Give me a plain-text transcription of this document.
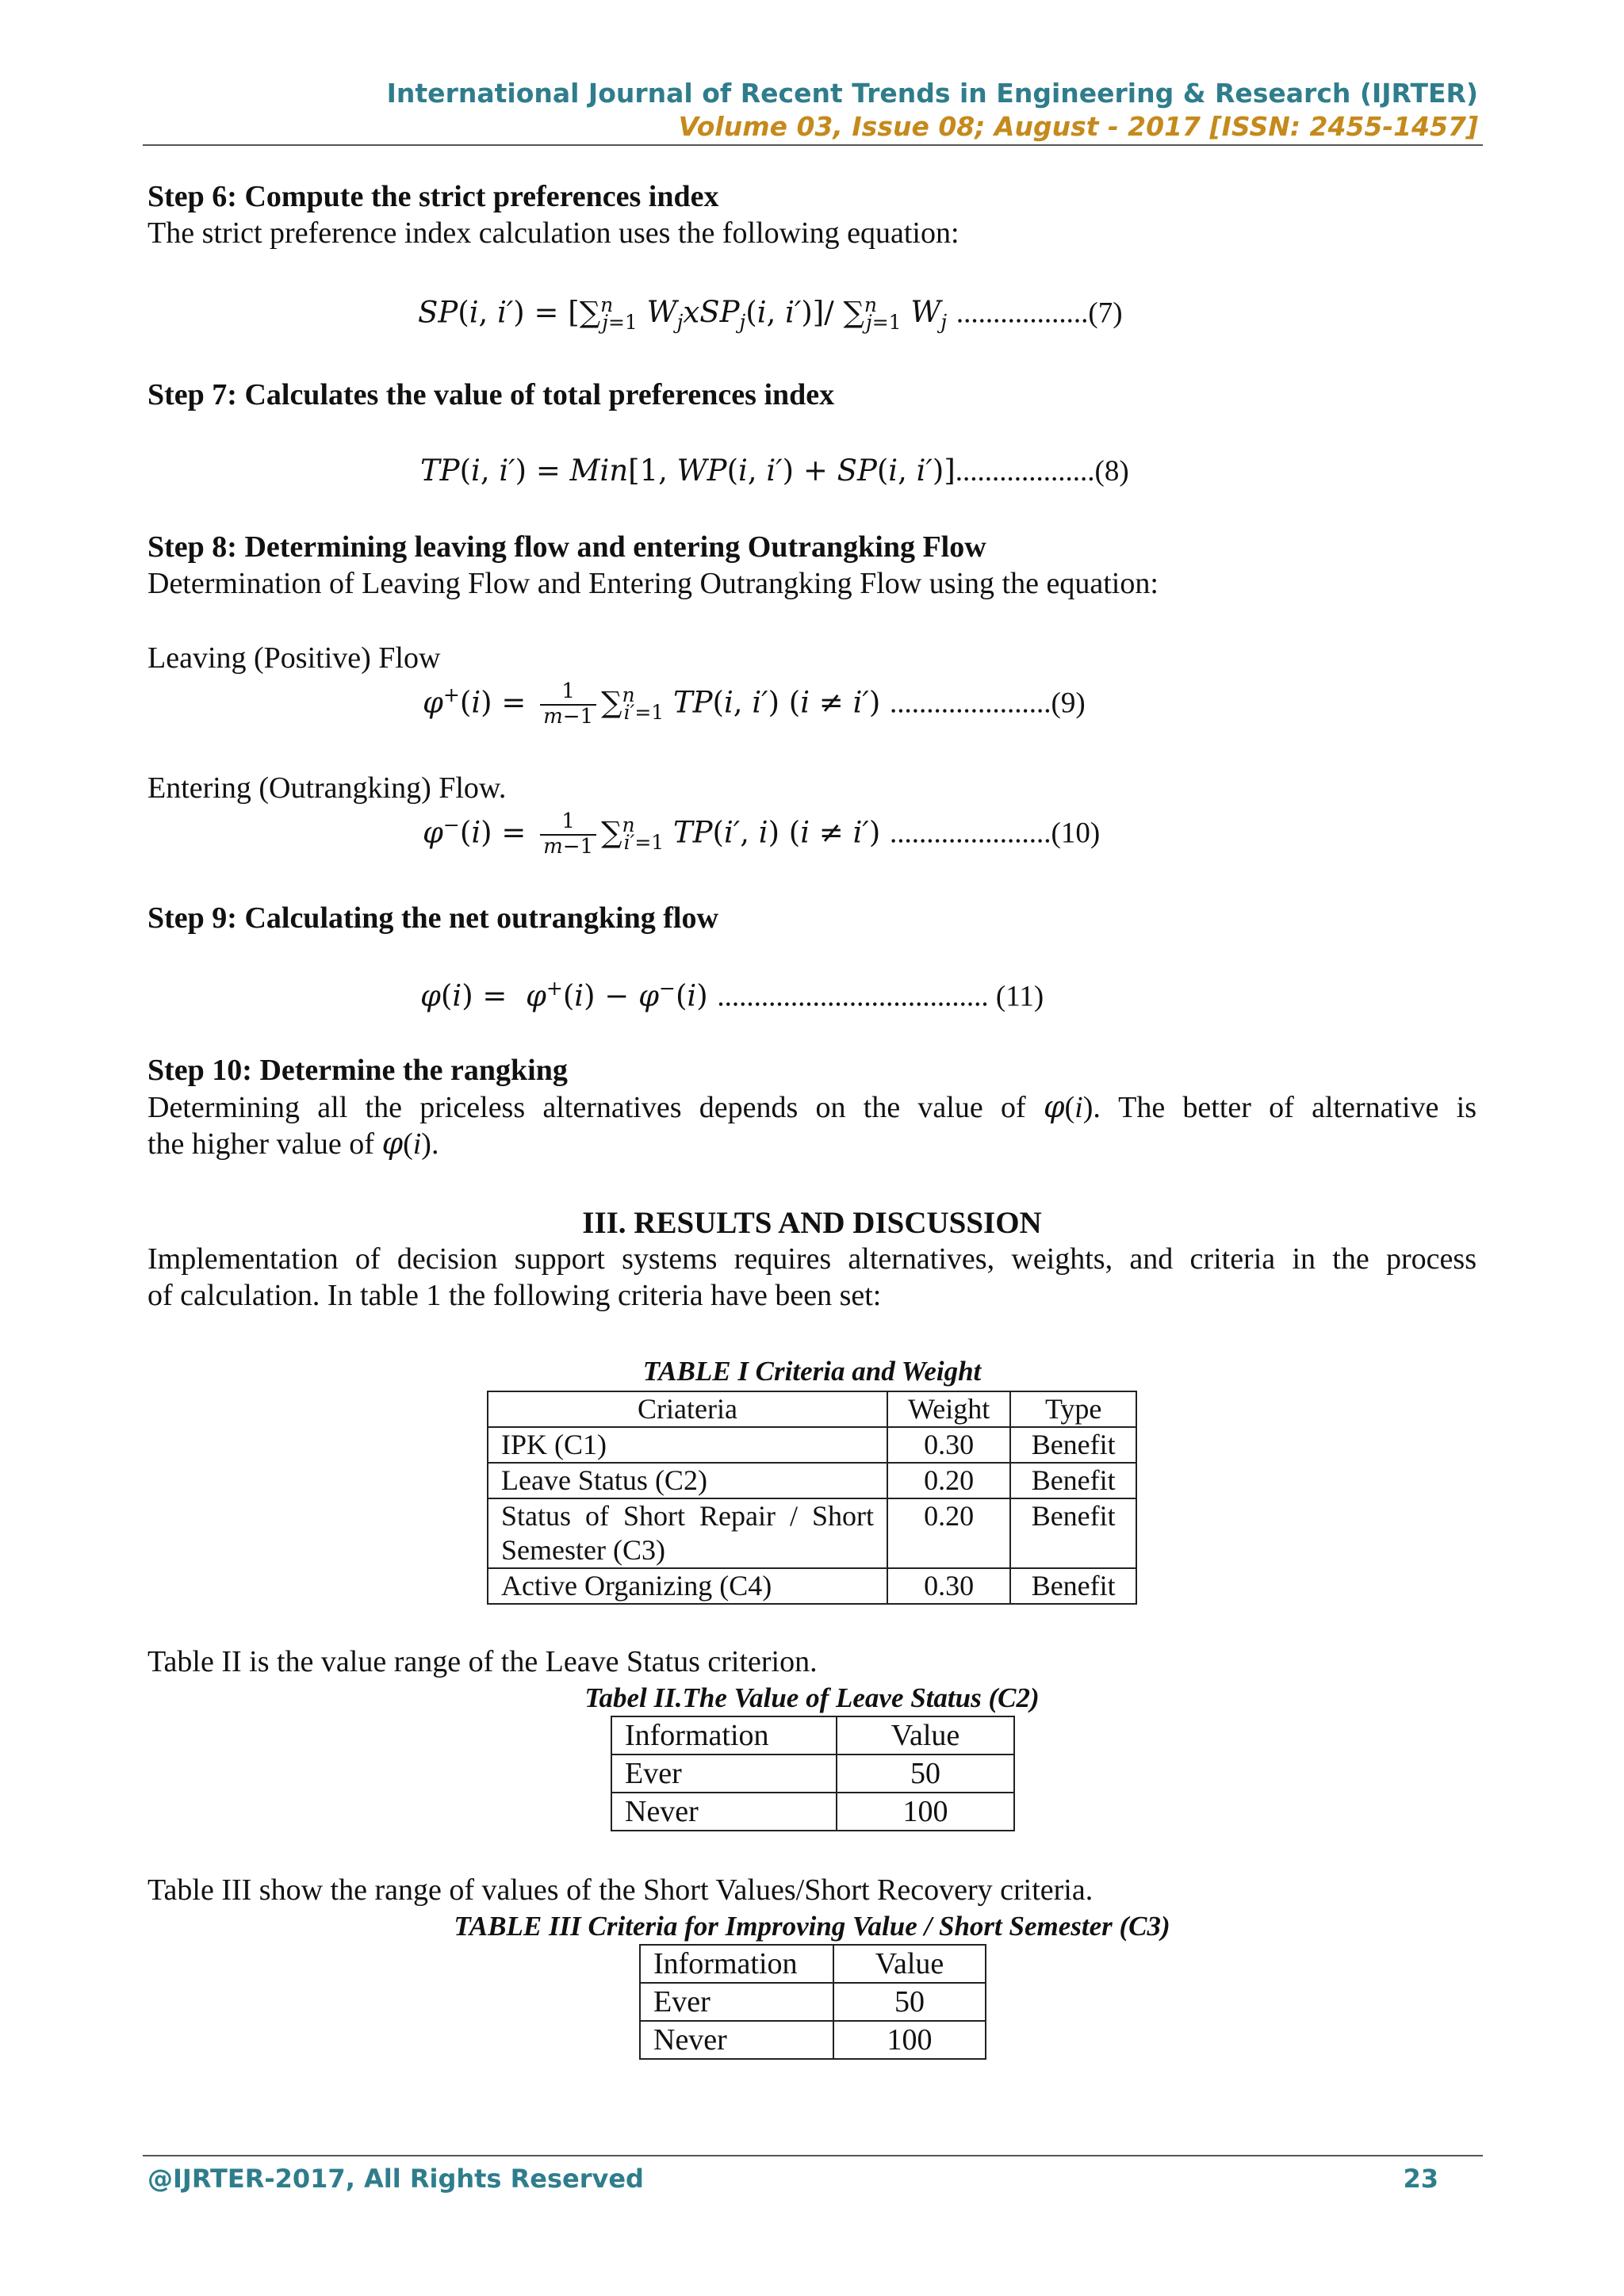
International Journal of Recent Trends in Engineering & Research (IJRTER)
Volume 03, Issue 08; August - 2017 [ISSN: 2455-1457]
Step 6: Compute the strict preferences index
The strict preference index calculation uses the following equation:
SP(i, i′) = [∑$^n_{j=1}$ $W_jxSP_j(i$, i′)]/ ∑$^n_{j=1}$ $W_j$ ..................(7)
Step 7: Calculates the value of total preferences index
TP(i, i′) = Min[1, WP(i, i′) + SP(i, i′)]...................(8)
Step 8: Determining leaving flow and entering Outrangking Flow
Determination of Leaving Flow and Entering Outrangking Flow using the equation:
Leaving (Positive) Flow
$\varphi^+(i) = \frac{1}{m-1} \sum^n_{i'=1}$ TP(i, i′) (i ≠ i′) ......................(9)
Entering (Outrangking) Flow.
$\varphi^-(i) = \frac{1}{m-1} \sum^n_{i'=1}$ TP(i′, i) (i ≠ i′) ......................(10)
Step 9: Calculating the net outrangking flow
φ(i) =  φ+(i) − φ−(i) ..................................... (11)
Step 10: Determine the rangking
Determining all the priceless alternatives depends on the value of φ(i). The better of alternative is
the higher value of φ(i).
III. RESULTS AND DISCUSSION
Implementation of decision support systems requires alternatives, weights, and criteria in the process
of calculation. In table 1 the following criteria have been set:
TABLE I Criteria and Weight
Criateria	Weight	Type
IPK (C1)	0.30	Benefit
Leave Status (C2)	0.20	Benefit

Status of Short Repair / Short
Semester (C3)	0.20	Benefit
Active Organizing (C4)	0.30	Benefit
Table II is the value range of the Leave Status criterion.
Tabel II.The Value of Leave Status (C2)
Information	Value
Ever	50
Never	100
Table III show the range of values of the Short Values/Short Recovery criteria.
TABLE III Criteria for Improving Value / Short Semester (C3)
Information	Value
Ever	50
Never	100
@IJRTER-2017, All Rights Reserved	23
